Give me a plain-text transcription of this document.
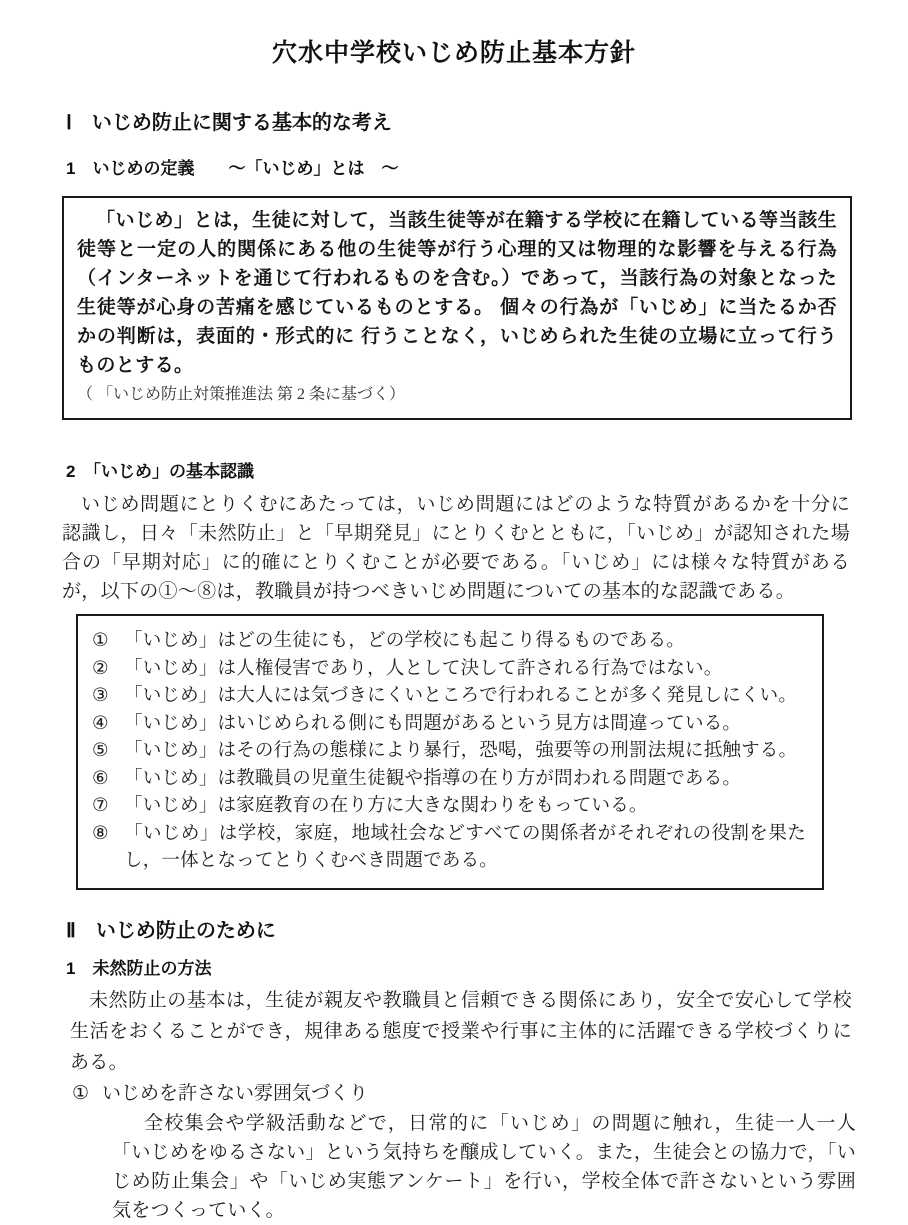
穴水中学校いじめ防止基本方針
Ⅰ　いじめ防止に関する基本的な考え
1　いじめの定義　　～「いじめ」とは　～

「いじめ」とは，生徒に対して，当該生徒等が在籍する学校に在籍している等当該生徒等と一定の人的関係にある他の生徒等が行う心理的又は物理的な影響を与える行為（インターネットを通じて行われるものを含む。）であって，当該行為の対象となった生徒等が心身の苦痛を感じているものとする。 個々の行為が「いじめ」に当たるか否かの判断は，表面的・形式的に 行うことなく，いじめられた生徒の立場に立って行うものとする。

（ 「いじめ防止対策推進法 第 2 条に基づく）

2　「いじめ」の基本認識

いじめ問題にとりくむにあたっては，いじめ問題にはどのような特質があるかを十分に認識し，日々「未然防止」と「早期発見」にとりくむとともに，「いじめ」が認知された場合の「早期対応」に的確にとりくむことが必要である。「いじめ」には様々な特質があるが，以下の①～⑧は，教職員が持つべきいじめ問題についての基本的な認識である。

① 「いじめ」はどの生徒にも，どの学校にも起こり得るものである。
② 「いじめ」は人権侵害であり，人として決して許される行為ではない。
③ 「いじめ」は大人には気づきにくいところで行われることが多く発見しにくい。
④ 「いじめ」はいじめられる側にも問題があるという見方は間違っている。
⑤ 「いじめ」はその行為の態様により暴行，恐喝，強要等の刑罰法規に抵触する。
⑥ 「いじめ」は教職員の児童生徒観や指導の在り方が問われる問題である。
⑦ 「いじめ」は家庭教育の在り方に大きな関わりをもっている。
⑧ 「いじめ」は学校，家庭，地域社会などすべての関係者がそれぞれの役割を果たし，一体となってとりくむべき問題である。
Ⅱ　いじめ防止のために
1　未然防止の方法

未然防止の基本は，生徒が親友や教職員と信頼できる関係にあり，安全で安心して学校生活をおくることができ，規律ある態度で授業や行事に主体的に活躍できる学校づくりにある。

① いじめを許さない雰囲気づくり

全校集会や学級活動などで，日常的に「いじめ」の問題に触れ，生徒一人一人「いじめをゆるさない」という気持ちを醸成していく。また，生徒会との協力で，「いじめ防止集会」や「いじめ実態アンケート」を行い，学校全体で許さないという雰囲気をつくっていく。
